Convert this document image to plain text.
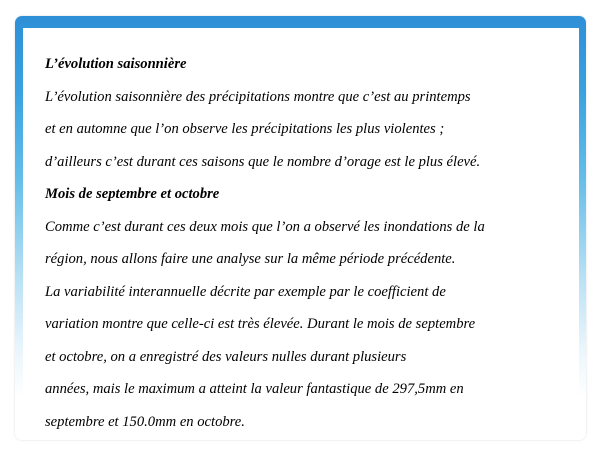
L’évolution saisonnière
L’évolution saisonnière des précipitations montre que c’est au printemps
et en automne que l’on observe les précipitations les plus violentes ;
d’ailleurs c’est durant ces saisons que le nombre d’orage est le plus élevé.
Mois de septembre et octobre
Comme c’est durant ces deux mois que l’on a observé les inondations de la
région, nous allons faire une analyse sur la même période précédente.
La variabilité interannuelle décrite par exemple par le coefficient de
variation montre que celle-ci est très élevée. Durant le mois de septembre
et octobre, on a enregistré des valeurs nulles durant plusieurs
années, mais le maximum a atteint la valeur fantastique de 297,5mm en
septembre et 150.0mm en octobre.
